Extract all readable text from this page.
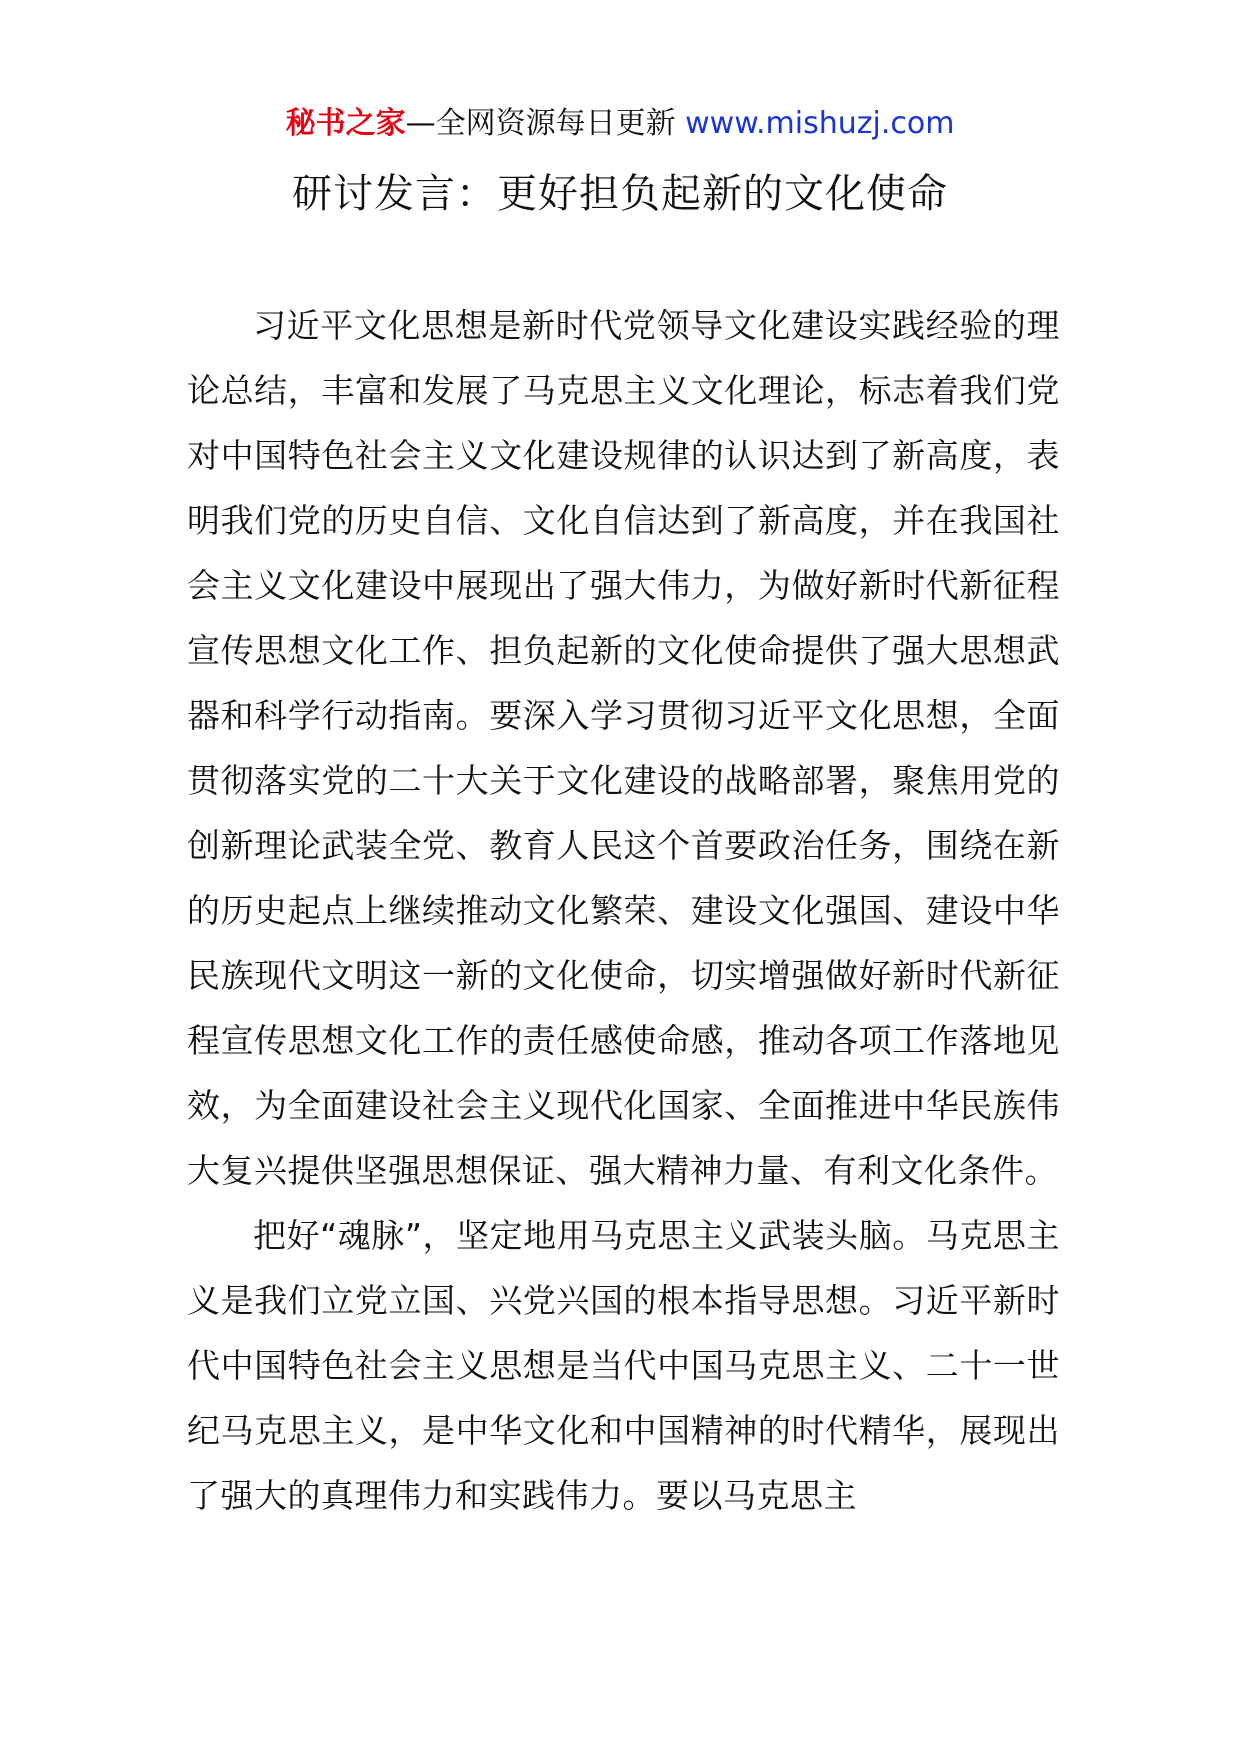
秘书之家—全网资源每日更新 www.mishuzj.com
研讨发言：更好担负起新的文化使命

习近平文化思想是新时代党领导文化建设实践经验的理论总结，丰富和发展了马克思主义文化理论，标志着我们党对中国特色社会主义文化建设规律的认识达到了新高度，表明我们党的历史自信、文化自信达到了新高度，并在我国社会主义文化建设中展现出了强大伟力，为做好新时代新征程宣传思想文化工作、担负起新的文化使命提供了强大思想武器和科学行动指南。要深入学习贯彻习近平文化思想，全面贯彻落实党的二十大关于文化建设的战略部署，聚焦用党的创新理论武装全党、教育人民这个首要政治任务，围绕在新的历史起点上继续推动文化繁荣、建设文化强国、建设中华民族现代文明这一新的文化使命，切实增强做好新时代新征程宣传思想文化工作的责任感使命感，推动各项工作落地见效，为全面建设社会主义现代化国家、全面推进中华民族伟大复兴提供坚强思想保证、强大精神力量、有利文化条件。

把好“魂脉”，坚定地用马克思主义武装头脑。马克思主义是我们立党立国、兴党兴国的根本指导思想。习近平新时代中国特色社会主义思想是当代中国马克思主义、二十一世纪马克思主义，是中华文化和中国精神的时代精华，展现出了强大的真理伟力和实践伟力。要以马克思主
